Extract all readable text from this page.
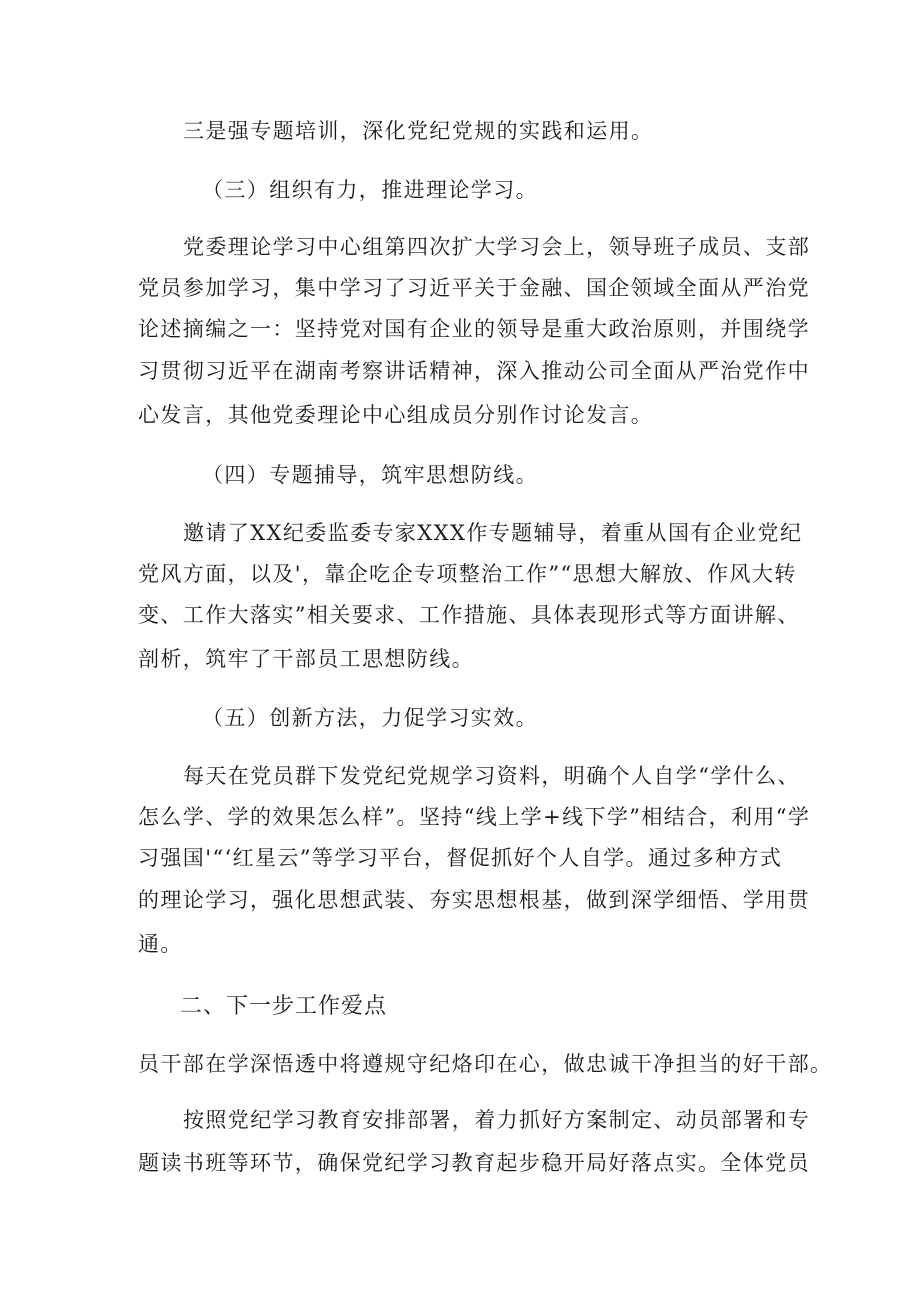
三是强专题培训，深化党纪党规的实践和运用。
（三）组织有力，推进理论学习。
党委理论学习中心组第四次扩大学习会上，领导班子成员、支部
党员参加学习，集中学习了习近平关于金融、国企领域全面从严治党
论述摘编之一：坚持党对国有企业的领导是重大政治原则，并围绕学
习贯彻习近平在湖南考察讲话精神，深入推动公司全面从严治党作中
心发言，其他党委理论中心组成员分别作讨论发言。
（四）专题捕导，筑牢思想防线。
邀请了XX纪委监委专家XXX作专题辅导，着重从国有企业党纪
党风方面，以及'，靠企吃企专项整治工作”“思想大解放、作风大转
变、工作大落实”相关要求、工作措施、具体表现形式等方面讲解、
剖析，筑牢了干部员工思想防线。
（五）创新方法，力促学习实效。
每天在党员群下发党纪党规学习资料，明确个人自学“学什么、
怎么学、学的效果怎么样”。坚持“线上学+线下学”相结合，利用“学
习强国'“‘红星云”等学习平台，督促抓好个人自学。通过多种方式
的理论学习，强化思想武装、夯实思想根基，做到深学细悟、学用贯
通。
二、下一步工作爱点
员干部在学深悟透中将遵规守纪烙印在心，做忠诚干净担当的好干部。
按照党纪学习教育安排部署，着力抓好方案制定、动员部署和专
题读书班等环节，确保党纪学习教育起步稳开局好落点实。全体党员
